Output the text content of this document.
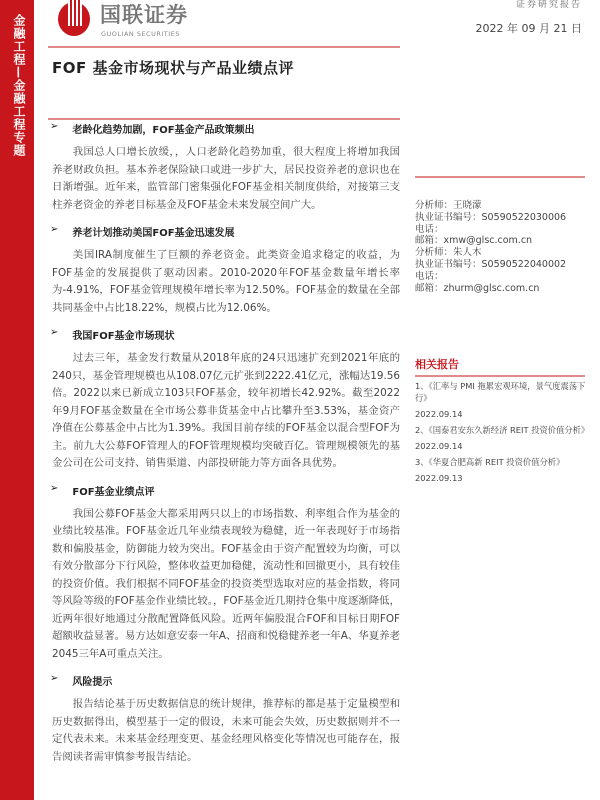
金融工程—金融工程专题	国联证券
GUOLIAN SECURITIES
证券研究报告
2022 年 09 月 21 日
FOF 基金市场现状与产品业绩点评
➢ 老龄化趋势加剧，FOF基金产品政策频出

我国总人口增长放缓，，人口老龄化趋势加重，很大程度上将增加我国养老财政负担。基本养老保险缺口或进一步扩大，居民投资养老的意识也在日渐增强。近年来，监管部门密集强化FOF基金相关制度供给，对接第三支柱养老资金的养老目标基金及FOF基金未来发展空间广大。

➢ 养老计划推动美国FOF基金迅速发展

美国IRA制度催生了巨额的养老资金。此类资金追求稳定的收益，为FOF基金的发展提供了驱动因素。2010-2020年FOF基金数量年增长率为-4.91%，FOF基金管理规模年增长率为12.50%。FOF基金的数量在全部共同基金中占比18.22%，规模占比为12.06%。

➢ 我国FOF基金市场现状

过去三年，基金发行数量从2018年底的24只迅速扩充到2021年底的240只，基金管理规模也从108.07亿元扩张到2222.41亿元，涨幅达19.56倍。2022以来已新成立103只FOF基金，较年初增长42.92%。截至2022年9月FOF基金数量在全市场公募非货基金中占比攀升至3.53%，基金资产净值在公募基金中占比为1.39%。我国目前存续的FOF基金以混合型FOF为主。前九大公募FOF管理人的FOF管理规模均突破百亿。管理规模领先的基金公司在公司支持、销售渠道、内部投研能力等方面各具优势。

➢ FOF基金业绩点评

我国公募FOF基金大都采用两只以上的市场指数、利率组合作为基金的业绩比较基准。FOF基金近几年业绩表现较为稳健，近一年表现好于市场指数和偏股基金，防御能力较为突出。FOF基金由于资产配置较为均衡，可以有效分散部分下行风险，整体收益更加稳健，流动性和回撤更小，具有较佳的投资价值。我们根据不同FOF基金的投资类型选取对应的基金指数，将同等风险等级的FOF基金作业绩比较。，FOF基金近几期持仓集中度逐渐降低，近两年很好地通过分散配置降低风险。近两年偏股混合FOF和目标日期FOF超额收益显著。易方达如意安泰一年A、招商和悦稳健养老一年A、华夏养老2045三年A可重点关注。

➢ 风险提示

报告结论基于历史数据信息的统计规律，推荐标的都是基于定量模型和历史数据得出，模型基于一定的假设，未来可能会失效，历史数据则并不一定代表未来。未来基金经理变更、基金经理风格变化等情况也可能存在，报告阅读者需审慎参考报告结论。

分析师：王晓濛
执业证书编号：S0590522030006
电话：
邮箱：xmw@glsc.com.cn
分析师：朱人木
执业证书编号：S0590522040002
电话：
邮箱：zhurm@glsc.com.cn
相关报告
1、《汇率与 PMI 拖累宏观环境，景气度震荡下行》
2022.09.14
2、《国泰君安东久新经济 REIT 投资价值分析》
2022.09.14
3、《华夏合肥高新 REIT 投资价值分析》
2022.09.13
